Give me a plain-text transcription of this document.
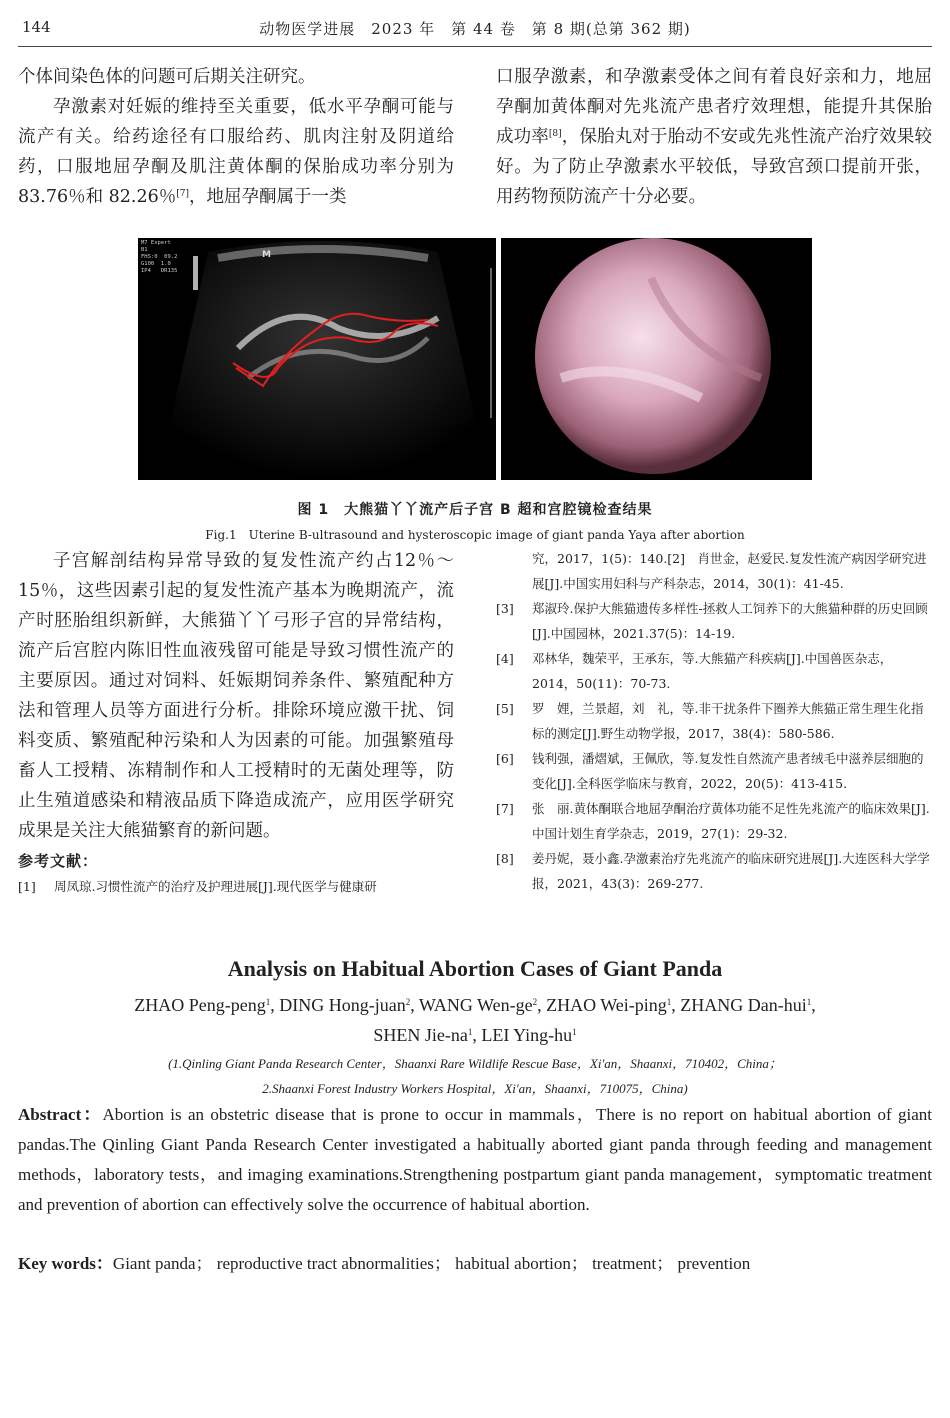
144	动物医学进展　2023 年　第 44 卷　第 8 期(总第 362 期)

个体间染色体的问题可后期关注研究。

孕激素对妊娠的维持至关重要，低水平孕酮可能与流产有关。给药途径有口服给药、肌肉注射及阴道给药，口服地屈孕酮及肌注黄体酮的保胎成功率分别为83.76％和 82.26％[7]，地屈孕酮属于一类

口服孕激素，和孕激素受体之间有着良好亲和力，地屈孕酮加黄体酮对先兆流产患者疗效理想，能提升其保胎成功率[8]，保胎丸对于胎动不安或先兆性流产治疗效果较好。为了防止孕激素水平较低，导致宫颈口提前开张，用药物预防流产十分必要。

M7 Expert
B1
FHS:0  09.2
G100  1.0
IP4   DR135
M
图 1　大熊猫丫丫流产后子宫 B 超和宫腔镜检查结果
Fig.1　Uterine B-ultrasound and hysteroscopic image of giant panda Yaya after abortion

子宫解剖结构异常导致的复发性流产约占12％～15％，这些因素引起的复发性流产基本为晚期流产，流产时胚胎组织新鲜，大熊猫丫丫弓形子宫的异常结构，流产后宫腔内陈旧性血液残留可能是导致习惯性流产的主要原因。通过对饲料、妊娠期饲养条件、繁殖配种方法和管理人员等方面进行分析。排除环境应激干扰、饲料变质、繁殖配种污染和人为因素的可能。加强繁殖母畜人工授精、冻精制作和人工授精时的无菌处理等，防止生殖道感染和精液品质下降造成流产，应用医学研究成果是关注大熊猫繁育的新问题。

参考文献：
[1] 周凤琼.习惯性流产的治疗及护理进展[J].现代医学与健康研
究，2017，1(5)：140.[2]　肖世金，赵爱民.复发性流产病因学研究进展[J].中国实用妇科与产科杂志，2014，30(1)：41-45.
[3] 郑淑玲.保护大熊猫遗传多样性-拯救人工饲养下的大熊猫种群的历史回顾[J].中国园林，2021.37(5)：14-19.
[4] 邓林华，魏荣平，王承东，等.大熊猫产科疾病[J].中国兽医杂志，2014，50(11)：70-73.
[5] 罗　娌，兰景超，刘　礼，等.非干扰条件下圈养大熊猫正常生理生化指标的测定[J].野生动物学报，2017，38(4)：580-586.
[6] 钱利强，潘熠斌，王佩欣，等.复发性自然流产患者绒毛中滋养层细胞的变化[J].全科医学临床与教育，2022，20(5)：413-415.
[7] 张　丽.黄体酮联合地屈孕酮治疗黄体功能不足性先兆流产的临床效果[J].中国计划生育学杂志，2019，27(1)：29-32.
[8] 姜丹妮，聂小鑫.孕激素治疗先兆流产的临床研究进展[J].大连医科大学学报，2021，43(3)：269-277.
Analysis on Habitual Abortion Cases of Giant Panda
ZHAO Peng-peng$^1$, DING Hong-juan$^2$, WANG Wen-$ge^2$, ZHAO Wei-ping$^1$, ZHANG Dan-hui$^1$,
SHEN Jie-$na^1$, LEI Ying-$hu^1$
(1.Qinling Giant Panda Research Center，Shaanxi Rare Wildlife Rescue Base，Xi'an，Shaanxi，710402，China；
2.Shaanxi Forest Industry Workers Hospital，Xi'an，Shaanxi，710075，China)
Abstract：Abortion is an obstetric disease that is prone to occur in mammals，There is no report on habitual abortion of giant pandas.The Qinling Giant Panda Research Center investigated a habitually aborted giant panda through feeding and management methods，laboratory tests，and imaging examinations.Strengthening postpartum giant panda management，symptomatic treatment and prevention of abortion can effectively solve the occurrence of habitual abortion.
Key words：Giant panda； reproductive tract abnormalities； habitual abortion； treatment； prevention
